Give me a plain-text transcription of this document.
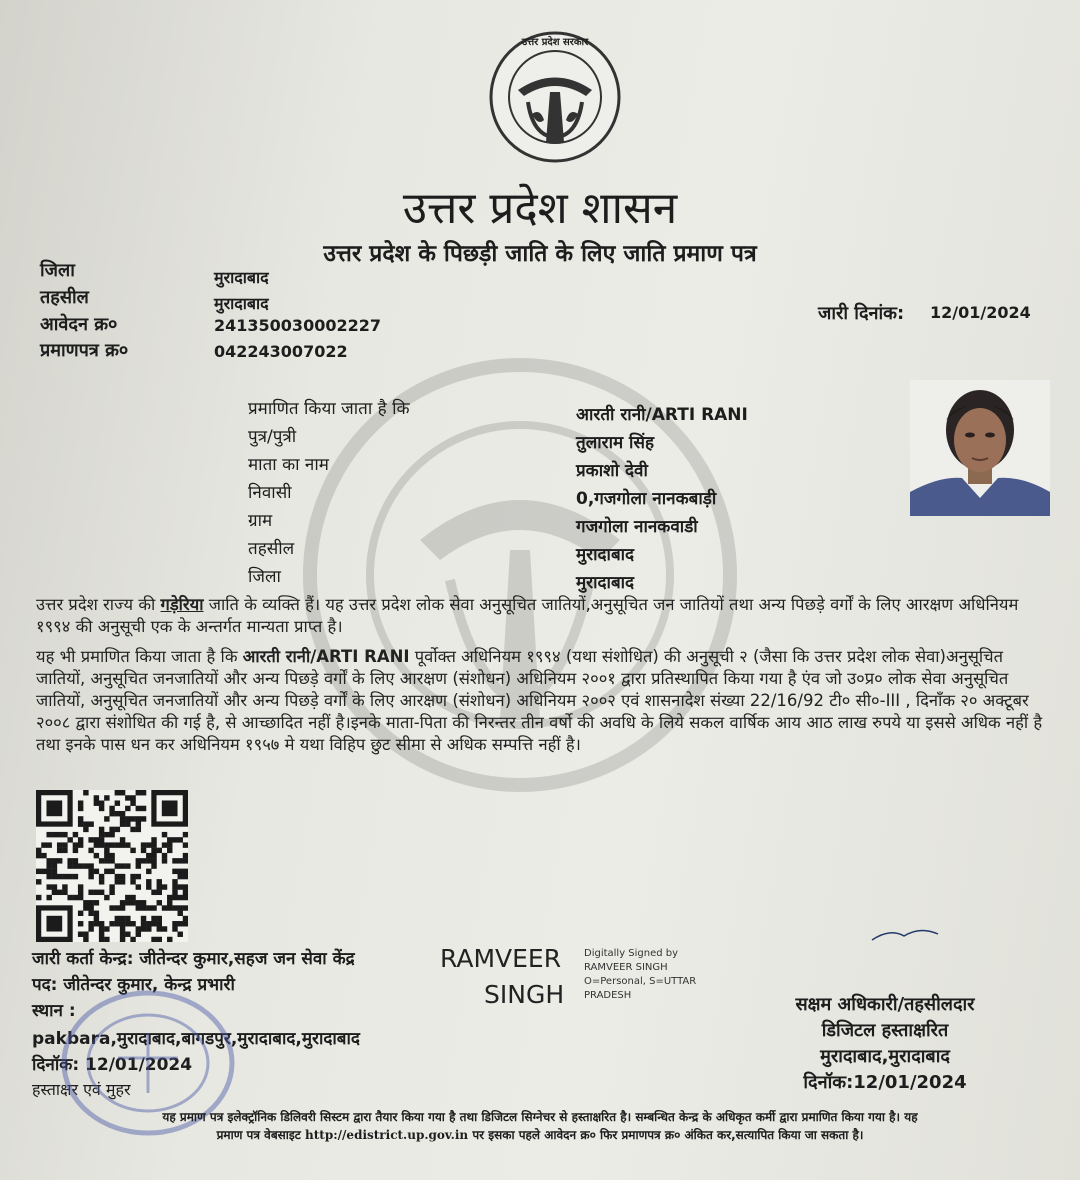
उत्तर प्रदेश सरकार
उत्तर प्रदेश शासन
उत्तर प्रदेश के पिछड़ी जाति के लिए जाति प्रमाण पत्र
जिला	मुरादाबाद
तहसील	मुरादाबाद
आवेदन क्र०	241350030002227
प्रमाणपत्र क्र०	042243007022
जारी दिनांक: 12/01/2024
प्रमाणित किया जाता है कि	आरती रानी/ARTI RANI
पुत्र/पुत्री	तुलाराम सिंह
माता का नाम	प्रकाशो देवी
निवासी	0,गजगोला नानकबाड़ी
ग्राम	गजगोला नानकवाडी
तहसील	मुरादाबाद
जिला	मुरादाबाद
उत्तर प्रदेश राज्य की गड़ेरिया जाति के व्यक्ति हैं। यह उत्तर प्रदेश लोक सेवा अनुसूचित जातियों,अनुसूचित जन जातियों तथा अन्य पिछड़े वर्गों के लिए आरक्षण अधिनियम १९९४ की अनुसूची एक के अन्तर्गत मान्यता प्राप्त है।
यह भी प्रमाणित किया जाता है कि आरती रानी/ARTI RANI पूर्वोक्त अधिनियम १९९४ (यथा संशोधित) की अनुसूची २ (जैसा कि उत्तर प्रदेश लोक सेवा)अनुसूचित जातियों, अनुसूचित जनजातियों और अन्य पिछड़े वर्गों के लिए आरक्षण (संशोधन) अधिनियम २००१ द्वारा प्रतिस्थापित किया गया है एंव जो उ०प्र० लोक सेवा अनुसूचित जातियों, अनुसूचित जनजातियों और अन्य पिछड़े वर्गों के लिए आरक्षण (संशोधन) अधिनियम २००२ एवं शासनादेश संख्या 22/16/92 टी० सी०-III , दिनाँक २० अक्टूबर २००८ द्वारा संशोधित की गई है, से आच्छादित नहीं है।इनके माता-पिता की निरन्तर तीन वर्षो की अवधि के लिये सकल वार्षिक आय आठ लाख रुपये या इससे अधिक नहीं है तथा इनके पास धन कर अधिनियम १९५७ मे यथा विहिप छुट सीमा से अधिक सम्पत्ति नहीं है।
जारी कर्ता केन्द्र: जीतेन्दर कुमार,सहज जन सेवा केंद्र
पद: जीतेन्दर कुमार, केन्द्र प्रभारी
स्थान :
pakbara,मुरादाबाद,बागडपुर,मुरादाबाद,मुरादाबाद
दिनॉक: 12/01/2024
हस्ताक्षर एवं मुहर
RAMVEER
SINGH
Digitally Signed by
RAMVEER SINGH
O=Personal, S=UTTAR
PRADESH	सक्षम अधिकारी/तहसीलदार
डिजिटल हस्ताक्षरित
मुरादाबाद,मुरादाबाद
दिनॉक:12/01/2024
यह प्रमाण पत्र इलेक्ट्रॉनिक डिलिवरी सिस्टम द्वारा तैयार किया गया है तथा डिजिटल सिग्नेचर से हस्ताक्षरित है। सम्बन्धित केन्द्र के अधिकृत कर्मी द्वारा प्रमाणित किया गया है। यह
प्रमाण पत्र वेबसाइट http://edistrict.up.gov.in पर इसका पहले आवेदन क्र० फिर प्रमाणपत्र क्र० अंकित कर,सत्यापित किया जा सकता है।
